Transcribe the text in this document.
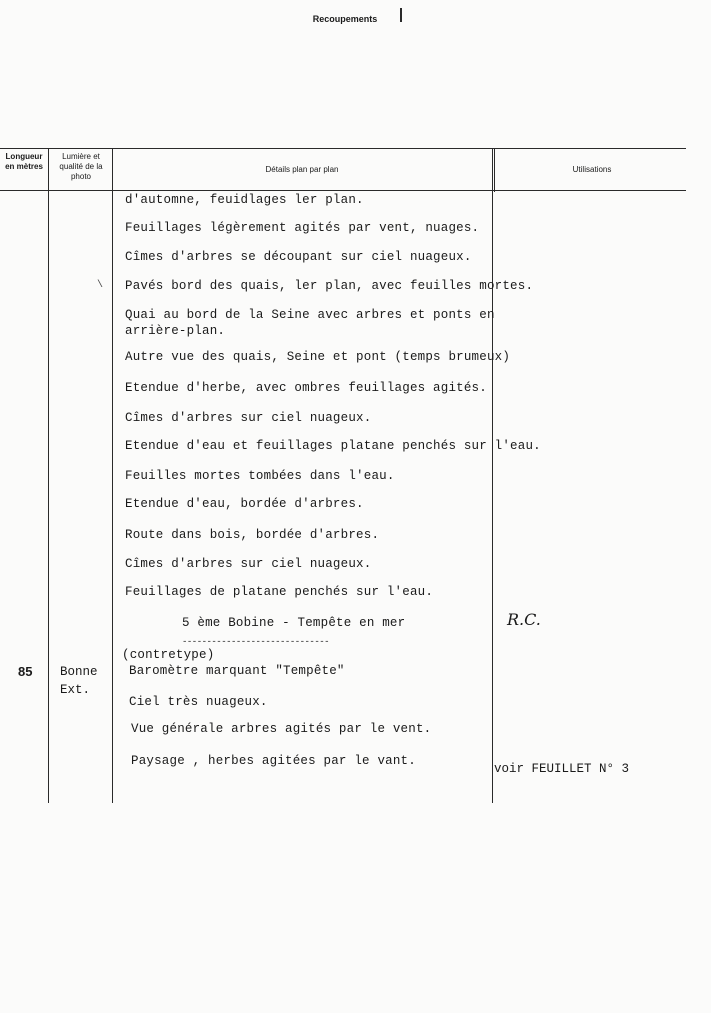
Recoupements
Longueur en mètres
Lumière et qualité de la photo
Détails plan par plan	Utilisations
d'automne, feuidlages ler plan.
Feuillages légèrement agités par vent, nuages.
Cîmes d'arbres se découpant sur ciel nuageux.
Pavés bord des quais, ler plan, avec feuilles mortes.
Quai au bord de la Seine avec arbres et ponts en
arrière-plan.
Autre vue des quais, Seine et pont (temps brumeux)
Etendue d'herbe, avec ombres feuillages agités.
Cîmes d'arbres sur ciel nuageux.
Etendue d'eau et feuillages platane penchés sur l'eau.
Feuilles mortes tombées dans l'eau.
Etendue d'eau, bordée d'arbres.
Route dans bois, bordée d'arbres.
Cîmes d'arbres sur ciel nuageux.
Feuillages de platane penchés sur l'eau.
5 ème Bobine - Tempête en mer
(contretype)
Baromètre marquant "Tempête"
Ciel très nuageux.
Vue générale arbres agités par le vent.
Paysage , herbes agitées par le vant.
------------------------------
85 Bonne
Ext.
R.C.
voir FEUILLET N° 3
\
